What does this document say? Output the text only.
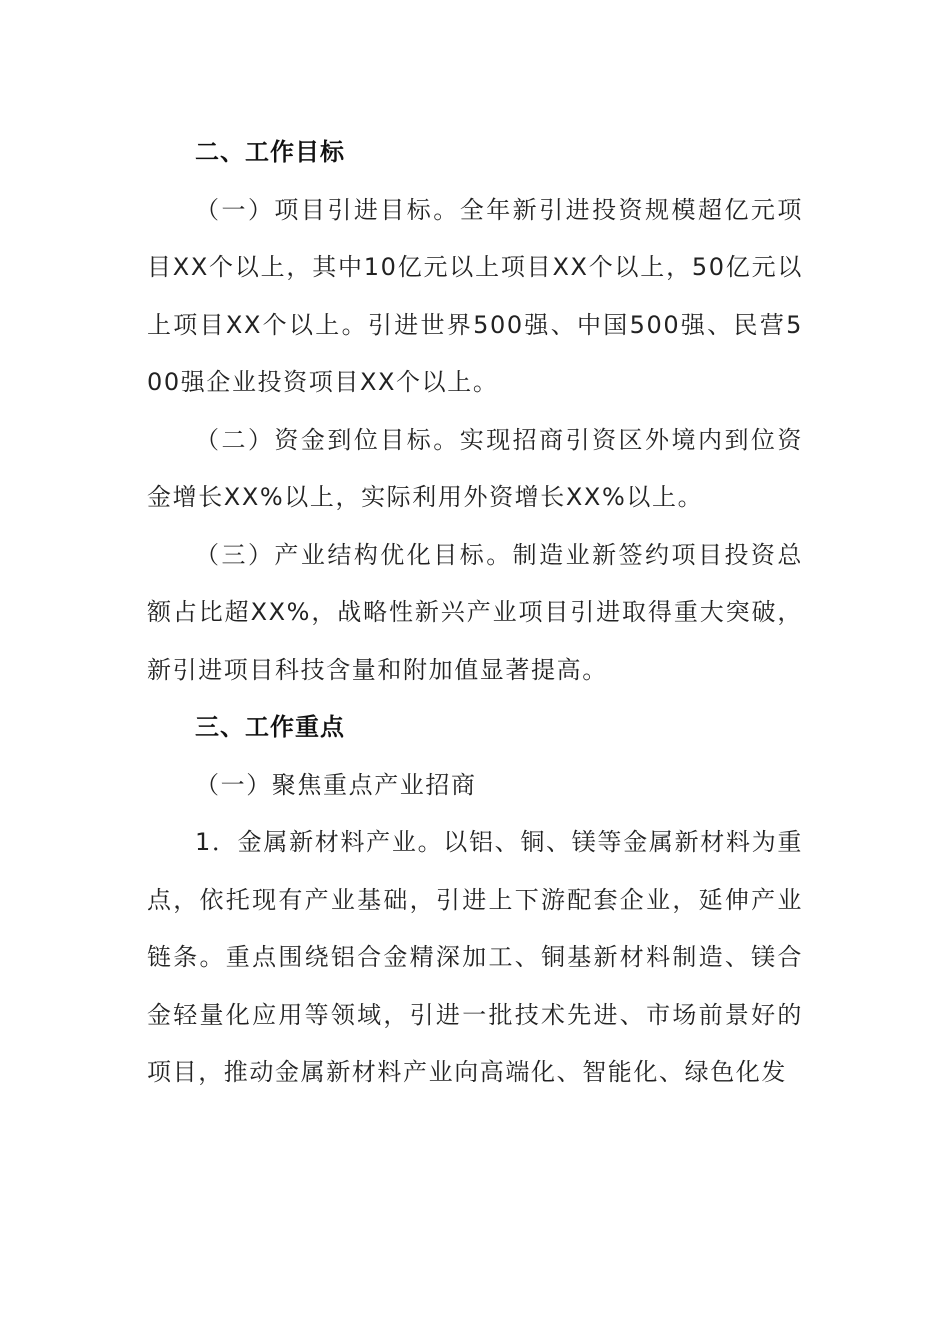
二、工作目标

（一）项目引进目标。全年新引进投资规模超亿元项目XX个以上，其中10亿元以上项目XX个以上，50亿元以上项目XX个以上。引进世界500强、中国500强、民营500强企业投资项目XX个以上。

（二）资金到位目标。实现招商引资区外境内到位资金增长XX%以上，实际利用外资增长XX%以上。

（三）产业结构优化目标。制造业新签约项目投资总额占比超XX%，战略性新兴产业项目引进取得重大突破，新引进项目科技含量和附加值显著提高。

三、工作重点
（一）聚焦重点产业招商

1．金属新材料产业。以铝、铜、镁等金属新材料为重点，依托现有产业基础，引进上下游配套企业，延伸产业链条。重点围绕铝合金精深加工、铜基新材料制造、镁合金轻量化应用等领域，引进一批技术先进、市场前景好的项目，推动金属新材料产业向高端化、智能化、绿色化发
